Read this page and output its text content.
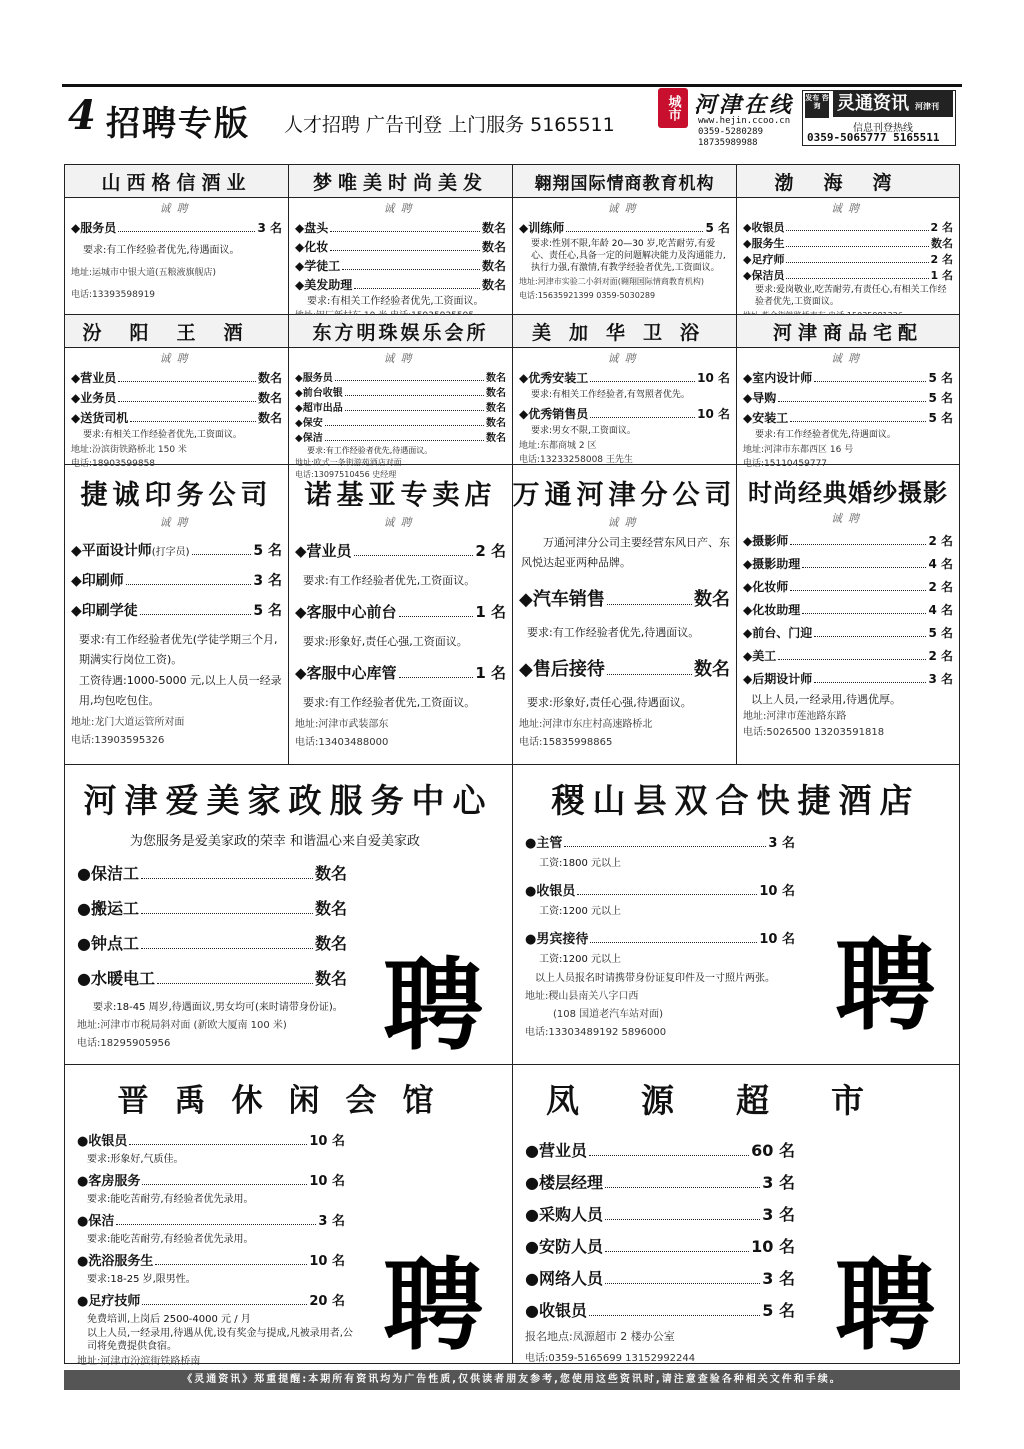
4 招聘专版 人才招聘 广告刊登 上门服务 5165511
城市 河津在线
www.hejin.ccoo.cn
0359-5280289
18735989988
发布 咨询 灵通资讯 河津刊
信息刊登热线
0359-5065777 5165511
山西格信酒业
诚聘
◆服务员	3 名
要求:有工作经验者优先,待遇面议。
地址:运城市中银大道(五粮液旗舰店)
电话:13393598919
梦唯美时尚美发
诚聘
◆盘头	数名
◆化妆	数名
◆学徒工	数名
◆美发助理	数名
要求:有相关工作经验者优先,工资面议。
翱翔国际情商教育机构
诚聘
◆训练师	5 名
要求:性别不限,年龄 20—30 岁,吃苦耐劳,有爱心、责任心,具备一定的问题解决能力及沟通能力,执行力强,有激情,有教学经验者优先,工资面议。
地址:河津市实验二小斜对面(翱翔国际情商教育机构)
电话:15635921399 0359-5030289
渤海湾
诚聘
◆收银员	2 名
◆服务生	数名
◆足疗师	2 名
◆保洁员	1 名
要求:爱岗敬业,吃苦耐劳,有责任心,有相关工作经验者优先,工资面议。
汾阳王酒
诚聘
◆营业员	数名
◆业务员	数名
◆送货司机	数名
要求:有相关工作经验者优先,工资面议。
地址:汾滨街铁路桥北 150 米
电话:18903599858
东方明珠娱乐会所
诚聘
◆服务员	数名
◆前台收银	数名
◆超市出品	数名
◆保安	数名
◆保洁	数名
要求:有工作经验者优先,待遇面议。
地址:欧式一条街游苑酒店对面
电话:13097510456 史经理
美加华卫浴
诚聘
◆优秀安装工	10 名
要求:有相关工作经验者,有驾照者优先。
◆优秀销售员	10 名
要求:男女不限,工资面议。
地址:东都商城 2 区
电话:13233258008 王先生
河津商品宅配
诚聘
◆室内设计师	5 名
◆导购	5 名
◆安装工	5 名
要求:有工作经验者优先,待遇面议。
地址:河津市东都西区 16 号
电话:15110459777
捷诚印务公司
诚聘
◆平面设计师 (打字员)	5 名
◆印刷师	3 名
◆印刷学徒	5 名
要求:有工作经验者优先(学徒学期三个月,期满实行岗位工资)。
工资待遇:1000-5000 元,以上人员一经录用,均包吃包住。
地址:龙门大道运管所对面
电话:13903595326
诺基亚专卖店
诚聘
◆营业员	2 名
要求:有工作经验者优先,工资面议。
◆客服中心前台	1 名
要求:形象好,责任心强,工资面议。
◆客服中心库管	1 名
要求:有工作经验者优先,工资面议。
地址:河津市武装部东
电话:13403488000
万通河津分公司
诚聘
万通河津分公司主要经营东风日产、东风悦达起亚两种品牌。
◆汽车销售	数名
要求:有工作经验者优先,待遇面议。
◆售后接待	数名
要求:形象好,责任心强,待遇面议。
地址:河津市东庄村高速路桥北
电话:15835998865
时尚经典婚纱摄影
诚聘
◆摄影师	2 名
◆摄影助理	4 名
◆化妆师	2 名
◆化妆助理	4 名
◆前台、门迎	5 名
◆美工	2 名
◆后期设计师	3 名
以上人员,一经录用,待遇优厚。
地址:河津市莲池路东路
电话:5026500 13203591818
河津爱美家政服务中心
为您服务是爱美家政的荣幸 和谐温心来自爱美家政
●保洁工	数名
●搬运工	数名
●钟点工	数名
●水暖电工	数名
要求:18-45 周岁,待遇面议,男女均可(来时请带身份证)。
地址:河津市市税局斜对面 (新欧大厦南 100 米)
电话:18295905956	聘
稷山县双合快捷酒店
●主管	3 名
工资:1800 元以上
●收银员	10 名
工资:1200 元以上
●男宾接待	10 名
工资:1200 元以上
以上人员报名时请携带身份证复印件及一寸照片两张。
地址:稷山县南关八字口西
(108 国道老汽车站对面)
电话:13303489192 5896000	聘
晋禹休闲会馆
●收银员	10 名
要求:形象好,气质佳。
●客房服务	10 名
要求:能吃苦耐劳,有经验者优先录用。
●保洁	3 名
要求:能吃苦耐劳,有经验者优先录用。
●洗浴服务生	10 名
要求:18-25 岁,限男性。
●足疗技师	20 名
免费培训,上岗后 2500-4000 元 / 月
以上人员,一经录用,待遇从优,设有奖金与提成,凡被录用者,公司将免费提供食宿。
地址:河津市汾滨街铁路桥南	聘
凤源超市
●营业员	60 名
●楼层经理	3 名
●采购人员	3 名
●安防人员	10 名
●网络人员	3 名
●收银员	5 名
报名地点:凤源超市 2 楼办公室
电话:0359-5165699 13152992244	聘
《灵通资讯》郑重提醒:本期所有资讯均为广告性质,仅供读者朋友参考,您使用这些资讯时,请注意查验各种相关文件和手续。
